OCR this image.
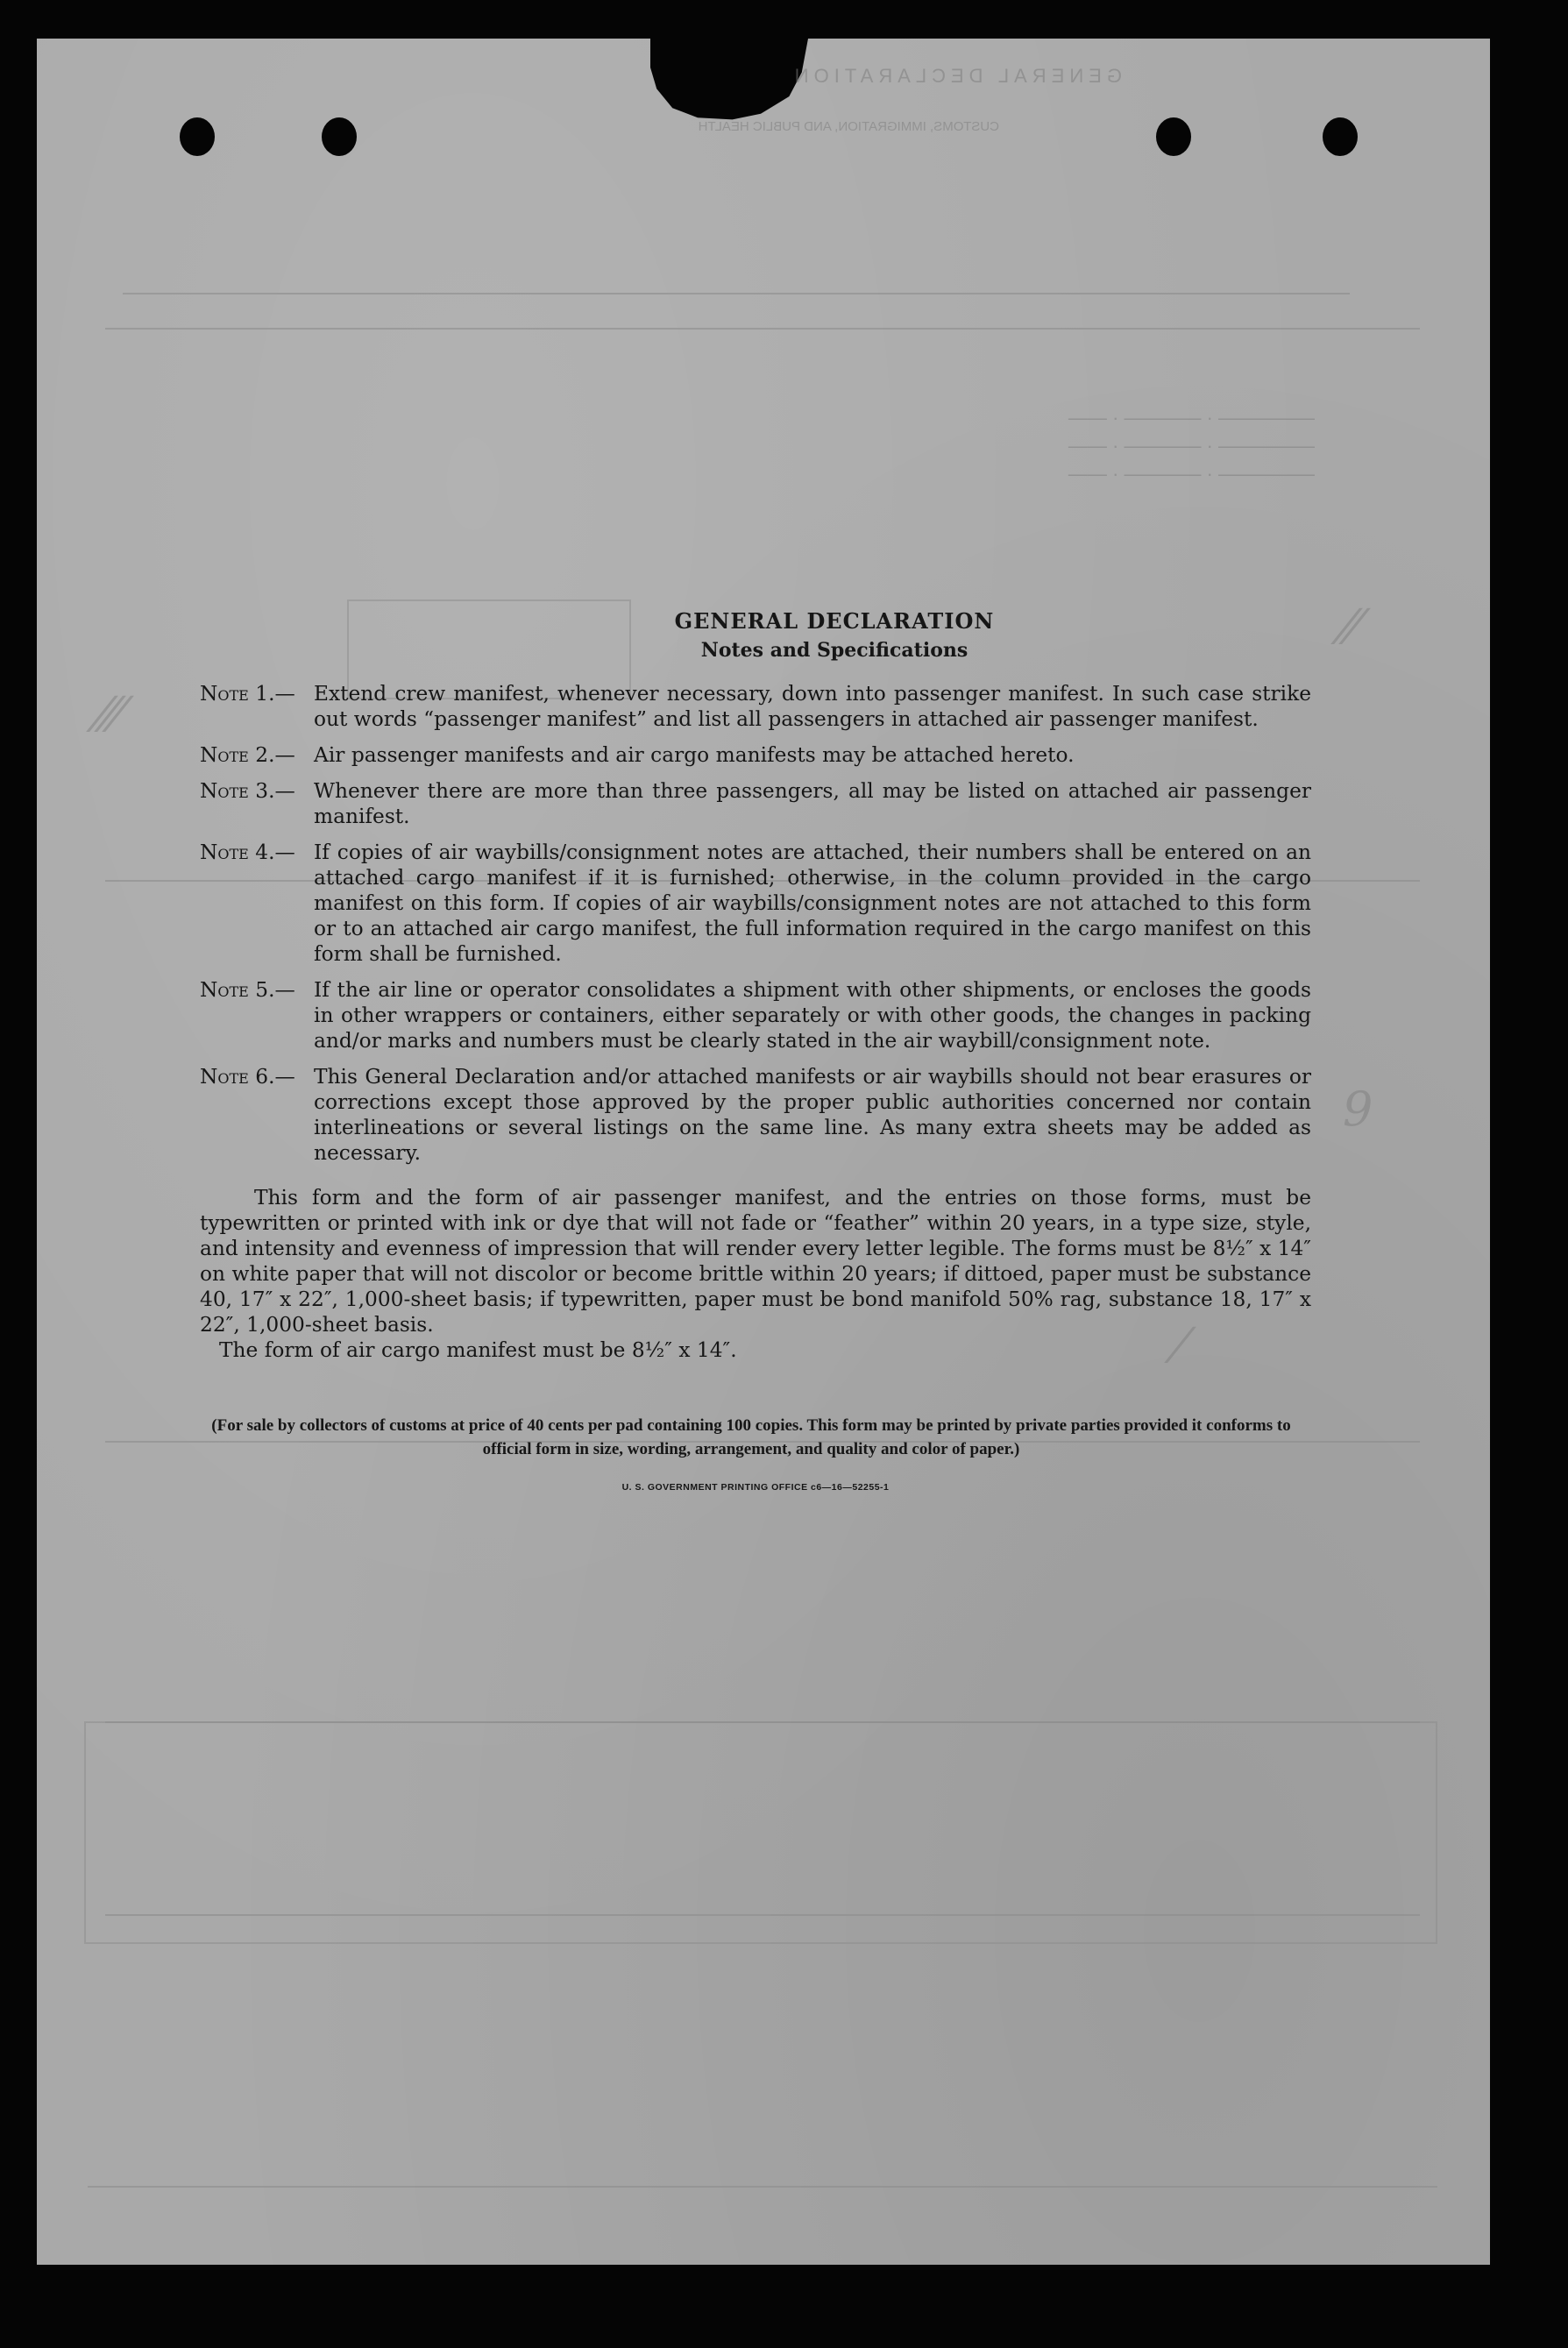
GENERAL DECLARATION
CUSTOMS, IMMIGRATION, AND PUBLIC HEALTH
————— · ———— · ——
————— · ———— · ——
————— · ———— · ——
⁄⁄
⁄⁄⁄
9
⁄
GENERAL DECLARATION
Notes and Specifications
Note 1.— Extend crew manifest, whenever necessary, down into passenger manifest. In such case strike out words “passenger manifest” and list all passengers in attached air passenger manifest.
Note 2.— Air passenger manifests and air cargo manifests may be attached hereto.
Note 3.— Whenever there are more than three passengers, all may be listed on attached air passenger manifest.
Note 4.— If copies of air waybills/consignment notes are attached, their numbers shall be entered on an attached cargo manifest if it is furnished; otherwise, in the column provided in the cargo manifest on this form. If copies of air waybills/consignment notes are not attached to this form or to an attached air cargo manifest, the full information required in the cargo manifest on this form shall be furnished.
Note 5.— If the air line or operator consolidates a shipment with other shipments, or encloses the goods in other wrappers or containers, either separately or with other goods, the changes in packing and/or marks and numbers must be clearly stated in the air waybill/consignment note.
Note 6.— This General Declaration and/or attached manifests or air waybills should not bear erasures or corrections except those approved by the proper public authorities concerned nor contain interlineations or several listings on the same line. As many extra sheets may be added as necessary.
This form and the form of air passenger manifest, and the entries on those forms, must be typewritten or printed with ink or dye that will not fade or “feather” within 20 years, in a type size, style, and intensity and evenness of impression that will render every letter legible. The forms must be 8½″ x 14″ on white paper that will not discolor or become brittle within 20 years; if dittoed, paper must be substance 40, 17″ x 22″, 1,000-sheet basis; if typewritten, paper must be bond manifold 50% rag, substance 18, 17″ x 22″, 1,000-sheet basis.
The form of air cargo manifest must be 8½″ x 14″.
(For sale by collectors of customs at price of 40 cents per pad containing 100 copies. This form may be printed by private parties provided it conforms to official form in size, wording, arrangement, and quality and color of paper.)
U. S. GOVERNMENT PRINTING OFFICE c6—16—52255-1
